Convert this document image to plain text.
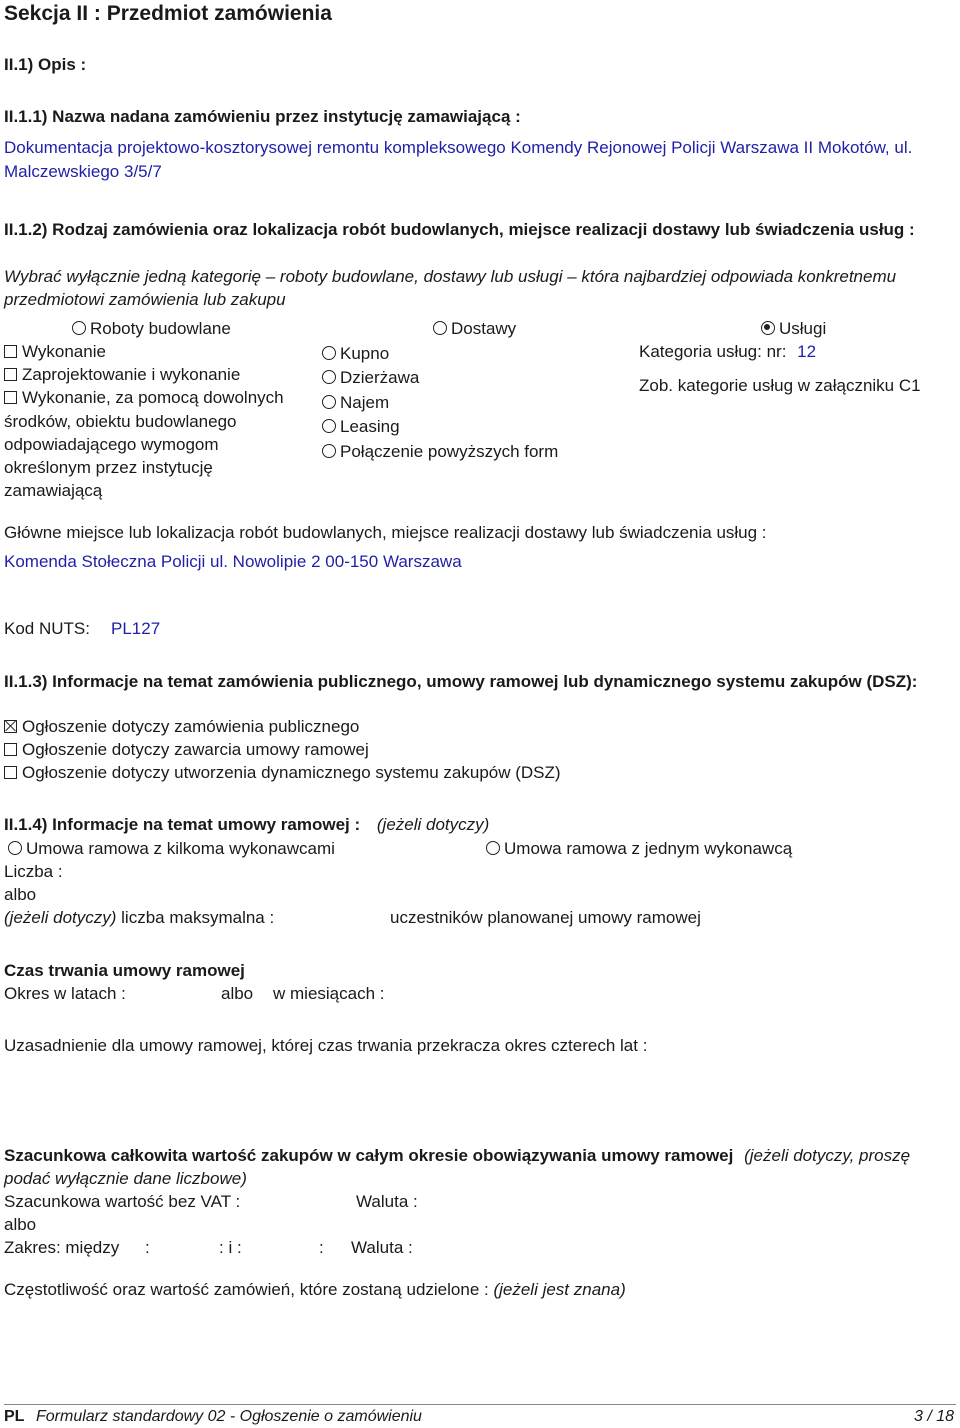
Sekcja II : Przedmiot zamówienia
II.1) Opis :
II.1.1) Nazwa nadana zamówieniu przez instytucję zamawiającą :
Dokumentacja projektowo-kosztorysowej remontu kompleksowego Komendy Rejonowej Policji Warszawa II Mokotów, ul. Malczewskiego 3/5/7
II.1.2) Rodzaj zamówienia oraz lokalizacja robót budowlanych, miejsce realizacji dostawy lub świadczenia usług :
Wybrać wyłącznie jedną kategorię – roboty budowlane, dostawy lub usługi – która najbardziej odpowiada konkretnemu przedmiotowi zamówienia lub zakupu
Roboty budowlane	Dostawy	Usługi
Wykonanie
Zaprojektowanie i wykonanie
Wykonanie, za pomocą dowolnych
środków, obiektu budowlanego odpowiadającego wymogom określonym przez instytucję zamawiającą
Kupno
Dzierżawa
Najem
Leasing
Połączenie powyższych form
Kategoria usług: nr: 12
Zob. kategorie usług w załączniku C1
Główne miejsce lub lokalizacja robót budowlanych, miejsce realizacji dostawy lub świadczenia usług :
Komenda Stołeczna Policji ul. Nowolipie 2 00-150 Warszawa
Kod NUTS: PL127
II.1.3) Informacje na temat zamówienia publicznego, umowy ramowej lub dynamicznego systemu zakupów (DSZ):
Ogłoszenie dotyczy zamówienia publicznego
Ogłoszenie dotyczy zawarcia umowy ramowej
Ogłoszenie dotyczy utworzenia dynamicznego systemu zakupów (DSZ)
II.1.4) Informacje na temat umowy ramowej : (jeżeli dotyczy)
Umowa ramowa z kilkoma wykonawcami	Umowa ramowa z jednym wykonawcą
Liczba :
albo
(jeżeli dotyczy) liczba maksymalna :	uczestników planowanej umowy ramowej
Czas trwania umowy ramowej
Okres w latach :	albo w miesiącach :
Uzasadnienie dla umowy ramowej, której czas trwania przekracza okres czterech lat :
Szacunkowa całkowita wartość zakupów w całym okresie obowiązywania umowy ramowej (jeżeli dotyczy, proszę podać wyłącznie dane liczbowe)
Szacunkowa wartość bez VAT :	Waluta :
albo
Zakres: między :	: i :	: Waluta :
Częstotliwość oraz wartość zamówień, które zostaną udzielone : (jeżeli jest znana)
PL Formularz standardowy 02 - Ogłoszenie o zamówieniu	3 / 18
